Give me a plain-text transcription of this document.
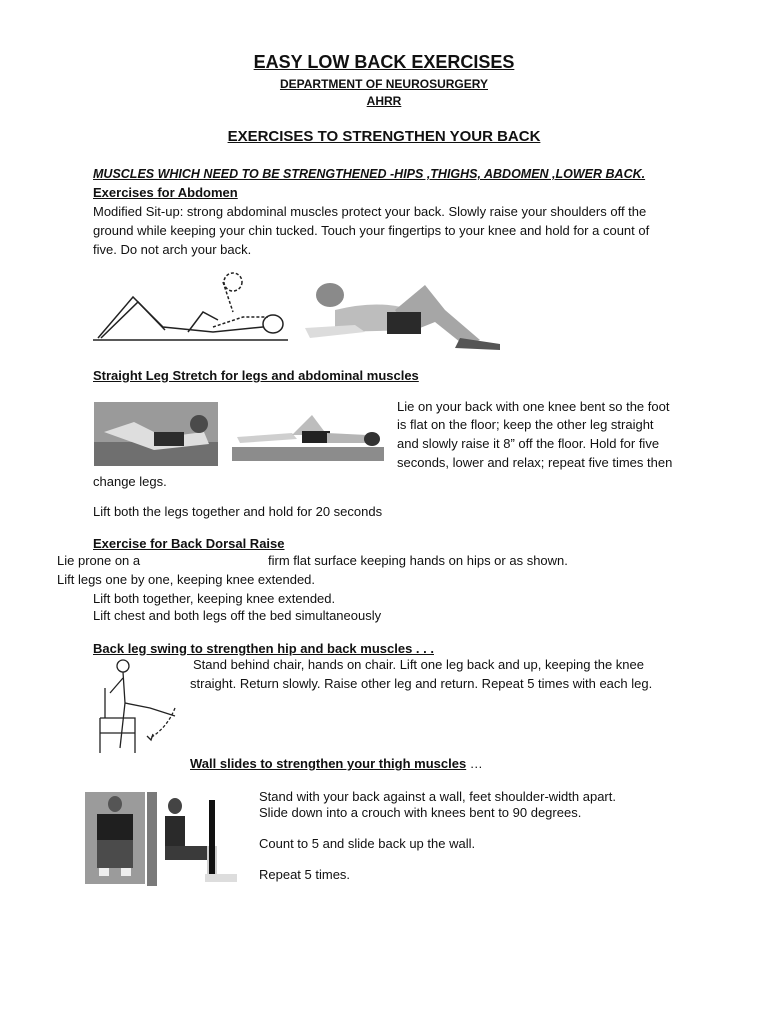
EASY LOW BACK EXERCISES
DEPARTMENT OF NEUROSURGERY
AHRR
EXERCISES TO STRENGTHEN YOUR BACK
MUSCLES WHICH NEED TO BE STRENGTHENED -HIPS ,THIGHS, ABDOMEN ,LOWER BACK.
Exercises for Abdomen
Modified Sit-up: strong abdominal muscles protect your back. Slowly raise your shoulders off the
ground while keeping your chin tucked. Touch your fingertips to your knee and hold for a count of
five. Do not arch your back.
Straight Leg Stretch for legs and abdominal muscles
Lie on your back with one knee bent so the foot
is flat on the floor; keep the other leg straight
and slowly raise it 8” off the floor. Hold for five
seconds, lower and relax; repeat five times then
change legs.
Lift both the legs together and hold for 20 seconds
Exercise for Back Dorsal Raise
Lie prone on a	firm flat surface keeping hands on hips or as shown.
Lift legs one by one, keeping knee extended.
Lift both together, keeping knee extended.
Lift chest and both legs off the bed simultaneously
Back leg swing to strengthen hip and back muscles . . .
Stand behind chair, hands on chair. Lift one leg back and up, keeping the knee
straight. Return slowly. Raise other leg and return. Repeat 5 times with each leg.
Wall slides to strengthen your thigh muscles …
Stand with your back against a wall, feet shoulder-width apart.
Slide down into a crouch with knees bent to 90 degrees.
Count to 5 and slide back up the wall.
Repeat 5 times.
